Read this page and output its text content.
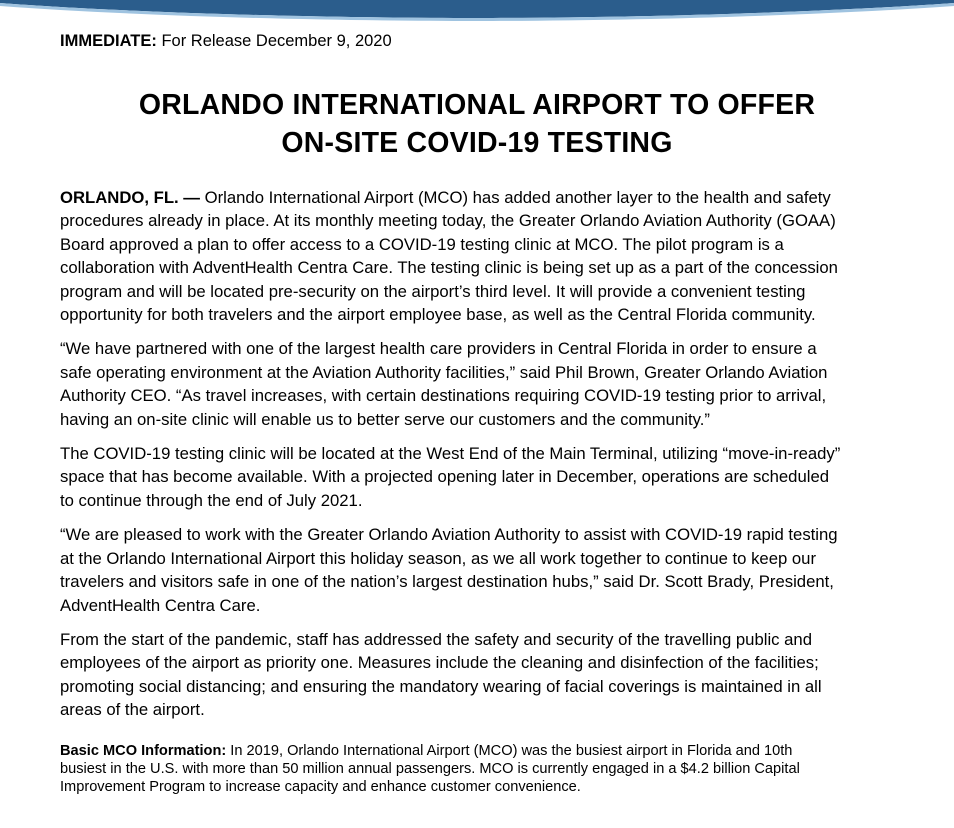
IMMEDIATE: For Release December 9, 2020
ORLANDO INTERNATIONAL AIRPORT TO OFFER
ON-SITE COVID-19 TESTING
ORLANDO, FL. — Orlando International Airport (MCO) has added another layer to the health and safety
procedures already in place. At its monthly meeting today, the Greater Orlando Aviation Authority (GOAA)
Board approved a plan to offer access to a COVID-19 testing clinic at MCO. The pilot program is a
collaboration with AdventHealth Centra Care. The testing clinic is being set up as a part of the concession
program and will be located pre-security on the airport’s third level. It will provide a convenient testing
opportunity for both travelers and the airport employee base, as well as the Central Florida community.
“We have partnered with one of the largest health care providers in Central Florida in order to ensure a
safe operating environment at the Aviation Authority facilities,” said Phil Brown, Greater Orlando Aviation
Authority CEO. “As travel increases, with certain destinations requiring COVID-19 testing prior to arrival,
having an on-site clinic will enable us to better serve our customers and the community.”
The COVID-19 testing clinic will be located at the West End of the Main Terminal, utilizing “move-in-ready”
space that has become available. With a projected opening later in December, operations are scheduled
to continue through the end of July 2021.
“We are pleased to work with the Greater Orlando Aviation Authority to assist with COVID-19 rapid testing
at the Orlando International Airport this holiday season, as we all work together to continue to keep our
travelers and visitors safe in one of the nation’s largest destination hubs,” said Dr. Scott Brady, President,
AdventHealth Centra Care.
From the start of the pandemic, staff has addressed the safety and security of the travelling public and
employees of the airport as priority one. Measures include the cleaning and disinfection of the facilities;
promoting social distancing; and ensuring the mandatory wearing of facial coverings is maintained in all
areas of the airport.
Basic MCO Information: In 2019, Orlando International Airport (MCO) was the busiest airport in Florida and 10th
busiest in the U.S. with more than 50 million annual passengers. MCO is currently engaged in a $4.2 billion Capital
Improvement Program to increase capacity and enhance customer convenience.
